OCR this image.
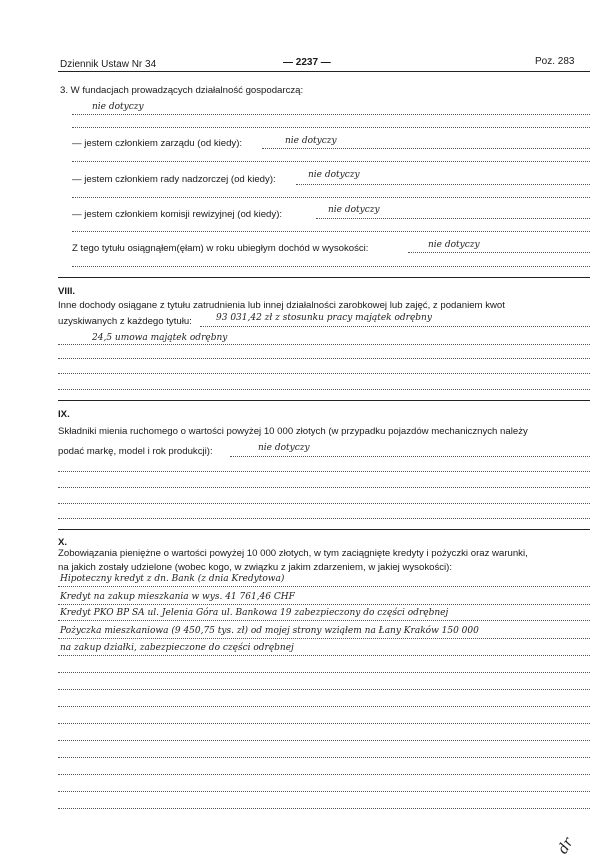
Dziennik Ustaw Nr 34	— 2237 —	Poz. 283
3. W fundacjach prowadzących działalność gospodarczą:
nie dotyczy
— jestem członkiem zarządu (od kiedy):	nie dotyczy
— jestem członkiem rady nadzorczej (od kiedy):	nie dotyczy
— jestem członkiem komisji rewizyjnej (od kiedy):	nie dotyczy
Z tego tytułu osiągnąłem(ęłam) w roku ubiegłym dochód w wysokości:	nie dotyczy
VIII.
Inne dochody osiągane z tytułu zatrudnienia lub innej działalności zarobkowej lub zajęć, z podaniem kwot
uzyskiwanych z każdego tytułu:	93 031,42 zł z stosunku pracy majątek odrębny
24,5 umowa majątek odrębny
IX.
Składniki mienia ruchomego o wartości powyżej 10 000 złotych (w przypadku pojazdów mechanicznych należy
podać markę, model i rok produkcji):	nie dotyczy
X.
Zobowiązania pieniężne o wartości powyżej 10 000 złotych, w tym zaciągnięte kredyty i pożyczki oraz warunki,
na jakich zostały udzielone (wobec kogo, w związku z jakim zdarzeniem, w jakiej wysokości):
Hipoteczny kredyt z dn. Bank (z dnia Kredytowa)
Kredyt na zakup mieszkania w wys. 41 761,46 CHF
Kredyt PKO BP SA ul. Jelenia Góra ul. Bankowa 19 zabezpieczony do części odrębnej
Pożyczka mieszkaniowa (9 450,75 tys. zł) od mojej strony wziąłem na Łany Kraków 150 000
na zakup działki, zabezpieczone do części odrębnej
dr
